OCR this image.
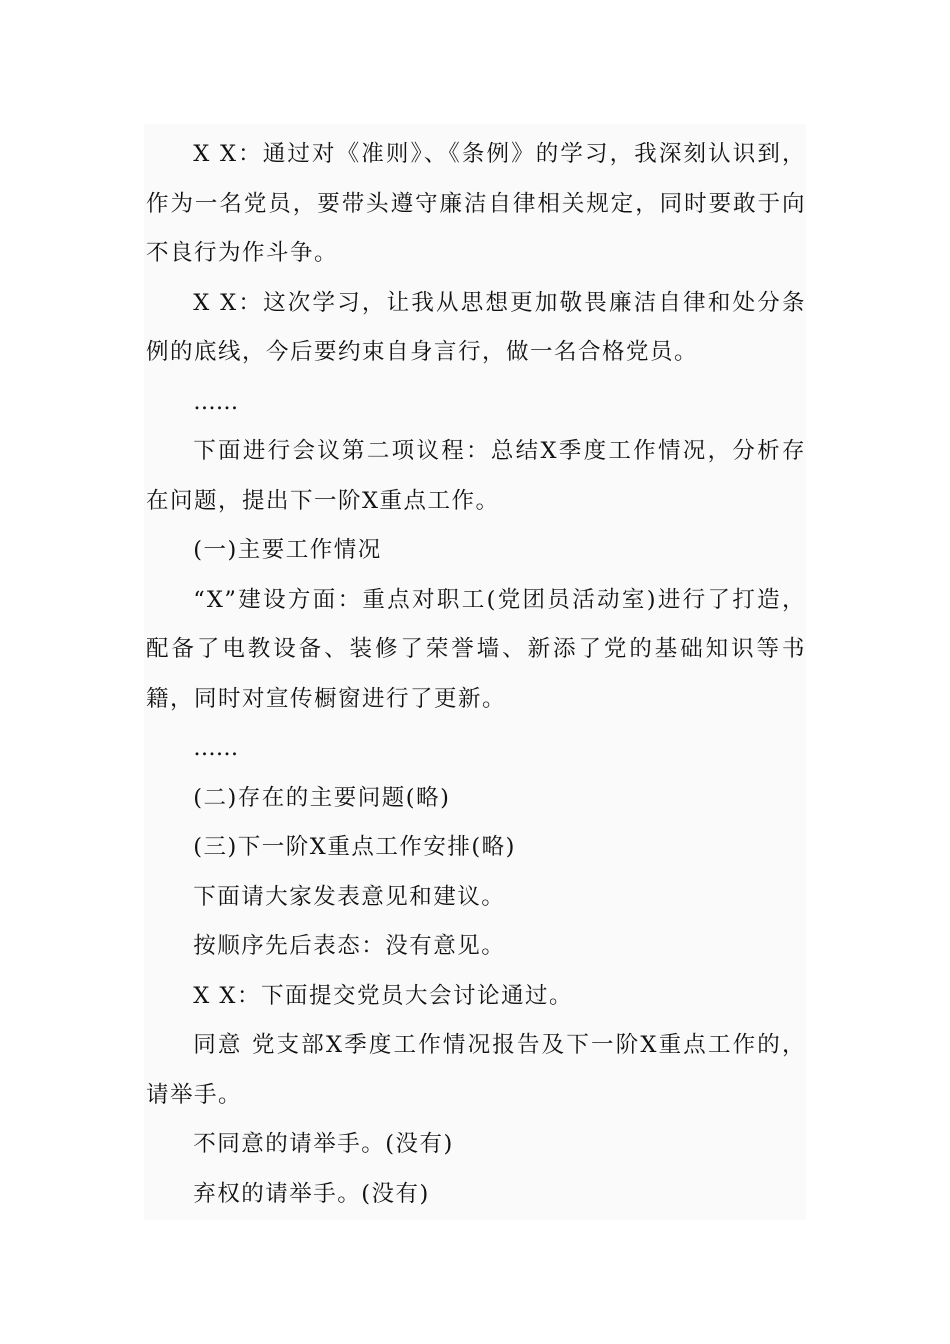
X X：通过对《准则》、《条例》的学习，我深刻认识到，作为一名党员，要带头遵守廉洁自律相关规定，同时要敢于向不良行为作斗争。

X X：这次学习，让我从思想更加敬畏廉洁自律和处分条例的底线，今后要约束自身言行，做一名合格党员。

……

下面进行会议第二项议程：总结X季度工作情况，分析存在问题，提出下一阶X重点工作。

(一)主要工作情况

“X”建设方面：重点对职工(党团员活动室)进行了打造，配备了电教设备、装修了荣誉墙、新添了党的基础知识等书籍，同时对宣传橱窗进行了更新。

……

(二)存在的主要问题(略)

(三)下一阶X重点工作安排(略)

下面请大家发表意见和建议。

按顺序先后表态：没有意见。

X X：下面提交党员大会讨论通过。

同意 党支部X季度工作情况报告及下一阶X重点工作的，请举手。

不同意的请举手。(没有)

弃权的请举手。(没有)
